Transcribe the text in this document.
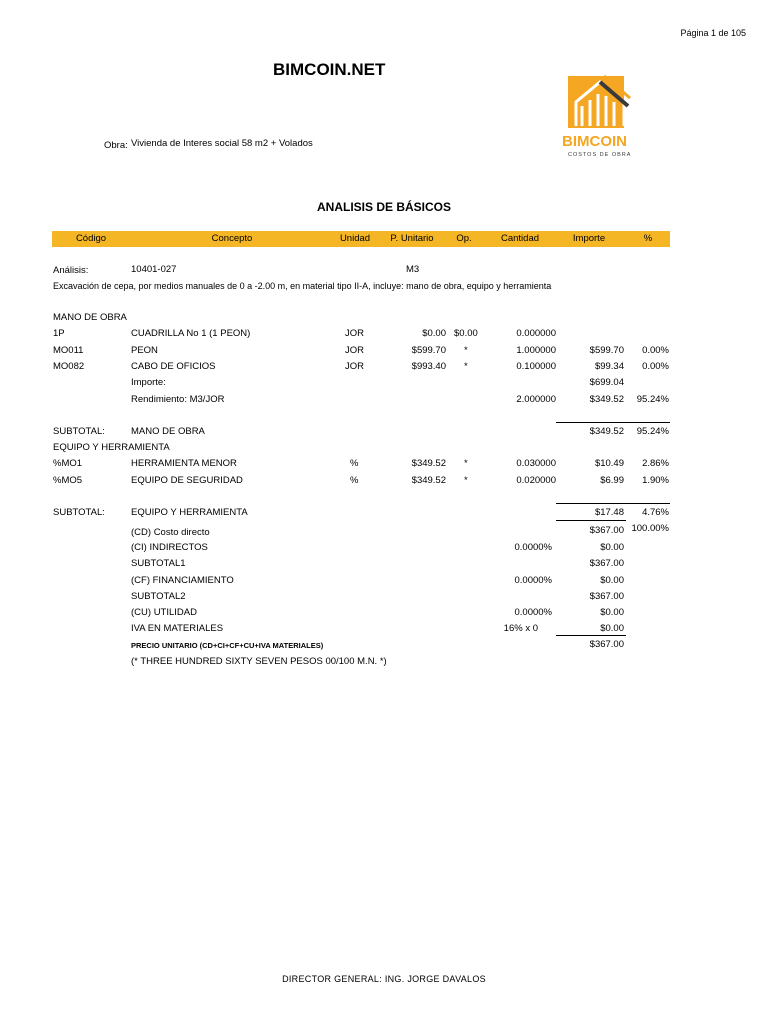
Página 1 de 105
BIMCOIN.NET
Obra: Vivienda de Interes social 58 m2 + Volados	BIMCOIN
COSTOS DE OBRA
ANALISIS DE BÁSICOS
Código	Concepto	Unidad	P. Unitario	Op.	Cantidad	Importe	%
Análisis:	10401-027	M3
Excavación de cepa, por medios manuales de 0 a -2.00 m, en material tipo II-A, incluye: mano de obra, equipo y herramienta
MANO DE OBRA
1P	CUADRILLA No 1 (1 PEON)	JOR	$0.00 $0.00	0.000000
MO011	PEON	JOR	$599.70 *	1.000000	$599.70	0.00%
MO082	CABO DE OFICIOS	JOR	$993.40 *	0.100000	$99.34	0.00%
Importe:	$699.04
Rendimiento: M3/JOR	2.000000	$349.52	95.24%
SUBTOTAL:	MANO DE OBRA	$349.52	95.24%
EQUIPO Y HERRAMIENTA
%MO1	HERRAMIENTA MENOR	%	$349.52 *	0.030000	$10.49	2.86%
%MO5	EQUIPO DE SEGURIDAD	%	$349.52 *	0.020000	$6.99	1.90%
SUBTOTAL:	EQUIPO Y HERRAMIENTA	$17.48	4.76%
(CD) Costo directo	$367.00 100.00%
(CI) INDIRECTOS	0.0000%	$0.00
SUBTOTAL1	$367.00
(CF) FINANCIAMIENTO	0.0000%	$0.00
SUBTOTAL2	$367.00
(CU) UTILIDAD	0.0000%	$0.00
IVA EN MATERIALES	16% x 0	$0.00
PRECIO UNITARIO (CD+CI+CF+CU+IVA MATERIALES)	$367.00
(* THREE HUNDRED SIXTY SEVEN PESOS 00/100 M.N. *)
DIRECTOR GENERAL: ING. JORGE DAVALOS
